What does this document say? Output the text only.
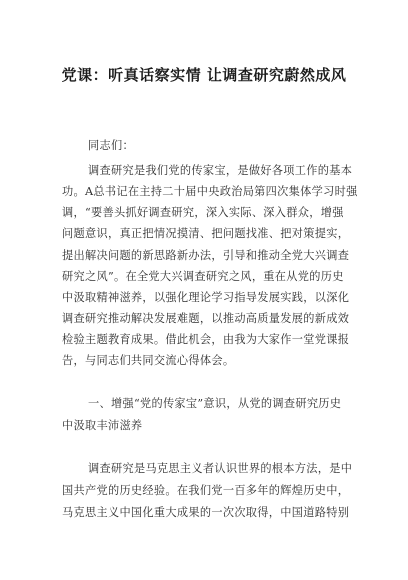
党课：听真话察实情 让调查研究蔚然成风
同志们：
调查研究是我们党的传家宝，是做好各项工作的基本
功。A总书记在主持二十届中央政治局第四次集体学习时强
调，“要善头抓好调查研究，深入实际、深入群众，增强
问题意识，真正把情况摸清、把问题找准、把对策提实，
提出解决问题的新思路新办法，引导和推动全党大兴调查
研究之风”。在全党大兴调查研究之风，重在从党的历史
中汲取精神滋养，以强化理论学习指导发展实践，以深化
调查研究推动解决发展难题，以推动高质量发展的新成效
检验主题教育成果。借此机会，由我为大家作一堂党课报
告，与同志们共同交流心得体会。
一、增强“党的传家宝”意识，从党的调查研究历史
中汲取丰沛滋养
调查研究是马克思主义者认识世界的根本方法，是中
国共产党的历史经验。在我们党一百多年的辉煌历史中，
马克思主义中国化重大成果的一次次取得，中国道路特别
